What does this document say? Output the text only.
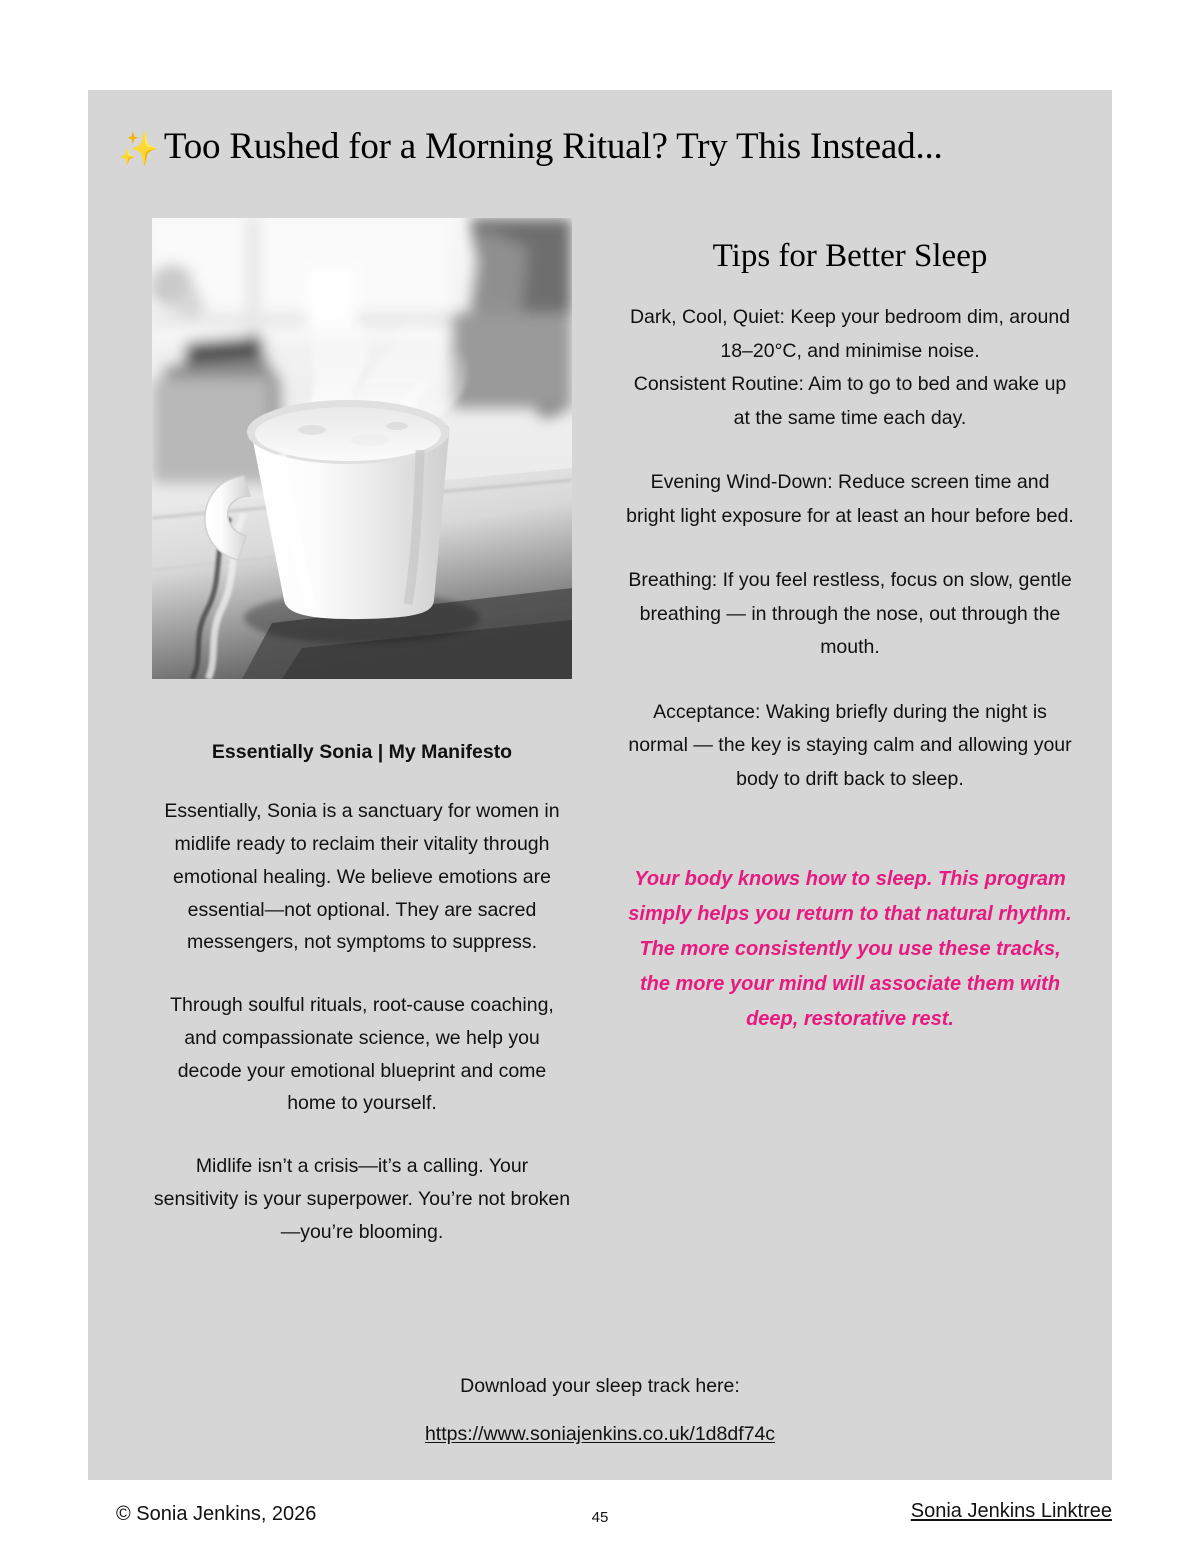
✨ Too Rushed for a Morning Ritual? Try This Instead...
Essentially Sonia | My Manifesto

Essentially, Sonia is a sanctuary for women in midlife ready to reclaim their vitality through emotional healing. We believe emotions are essential—not optional. They are sacred messengers, not symptoms to suppress.

Through soulful rituals, root-cause coaching, and compassionate science, we help you decode your emotional blueprint and come home to yourself.

Midlife isn’t a crisis—it’s a calling. Your sensitivity is your superpower. You’re not broken—you’re blooming.

Tips for Better Sleep
Dark, Cool, Quiet: Keep your bedroom dim, around 18–20°C, and minimise noise.
Consistent Routine: Aim to go to bed and wake up at the same time each day.
Evening Wind-Down: Reduce screen time and bright light exposure for at least an hour before bed.
Breathing: If you feel restless, focus on slow, gentle breathing — in through the nose, out through the mouth.
Acceptance: Waking briefly during the night is normal — the key is staying calm and allowing your body to drift back to sleep.
Your body knows how to sleep. This program simply helps you return to that natural rhythm. The more consistently you use these tracks, the more your mind will associate them with deep, restorative rest.
Download your sleep track here:
https://www.soniajenkins.co.uk/1d8df74c
© Sonia Jenkins, 2026	45	Sonia Jenkins Linktree
